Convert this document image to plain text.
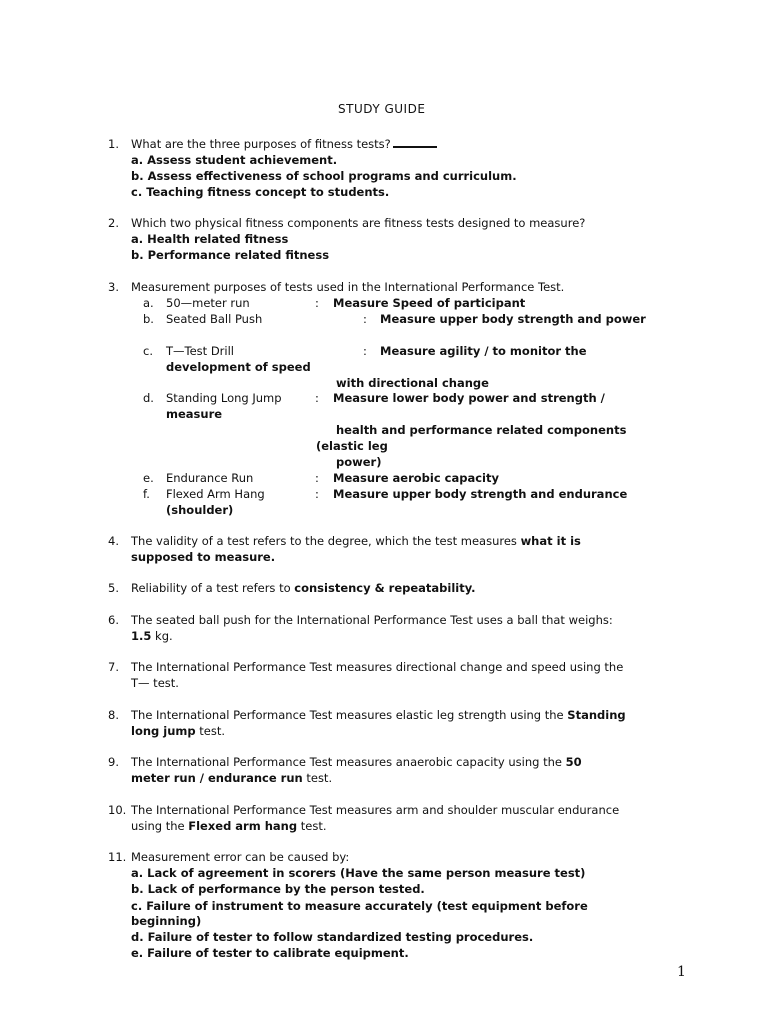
STUDY GUIDE
1. What are the three purposes of fitness tests?
a. Assess student achievement.
b. Assess effectiveness of school programs and curriculum.
c. Teaching fitness concept to students.
2. Which two physical fitness components are fitness tests designed to measure?
a. Health related fitness
b. Performance related fitness
3. Measurement purposes of tests used in the International Performance Test.
a. 50—meter run	: Measure Speed of participant
b. Seated Ball Push	: Measure upper body strength and power
c. T—Test Drill	: Measure agility / to monitor the
development of speed
with directional change
d. Standing Long Jump	: Measure lower body power and strength /
measure
health and performance related components
(elastic leg
power)
e. Endurance Run	: Measure aerobic capacity
f. Flexed Arm Hang	: Measure upper body strength and endurance
(shoulder)
4. The validity of a test refers to the degree, which the test measures what it is
supposed to measure.
5. Reliability of a test refers to consistency & repeatability.
6. The seated ball push for the International Performance Test uses a ball that weighs:
1.5 kg.
7. The International Performance Test measures directional change and speed using the
T— test.
8. The International Performance Test measures elastic leg strength using the Standing
long jump test.
9. The International Performance Test measures anaerobic capacity using the 50
meter run / endurance run test.
10. The International Performance Test measures arm and shoulder muscular endurance
using the Flexed arm hang test.
11. Measurement error can be caused by:
a. Lack of agreement in scorers (Have the same person measure test)
b. Lack of performance by the person tested.
c. Failure of instrument to measure accurately (test equipment before
beginning)
d. Failure of tester to follow standardized testing procedures.
e. Failure of tester to calibrate equipment.
1
